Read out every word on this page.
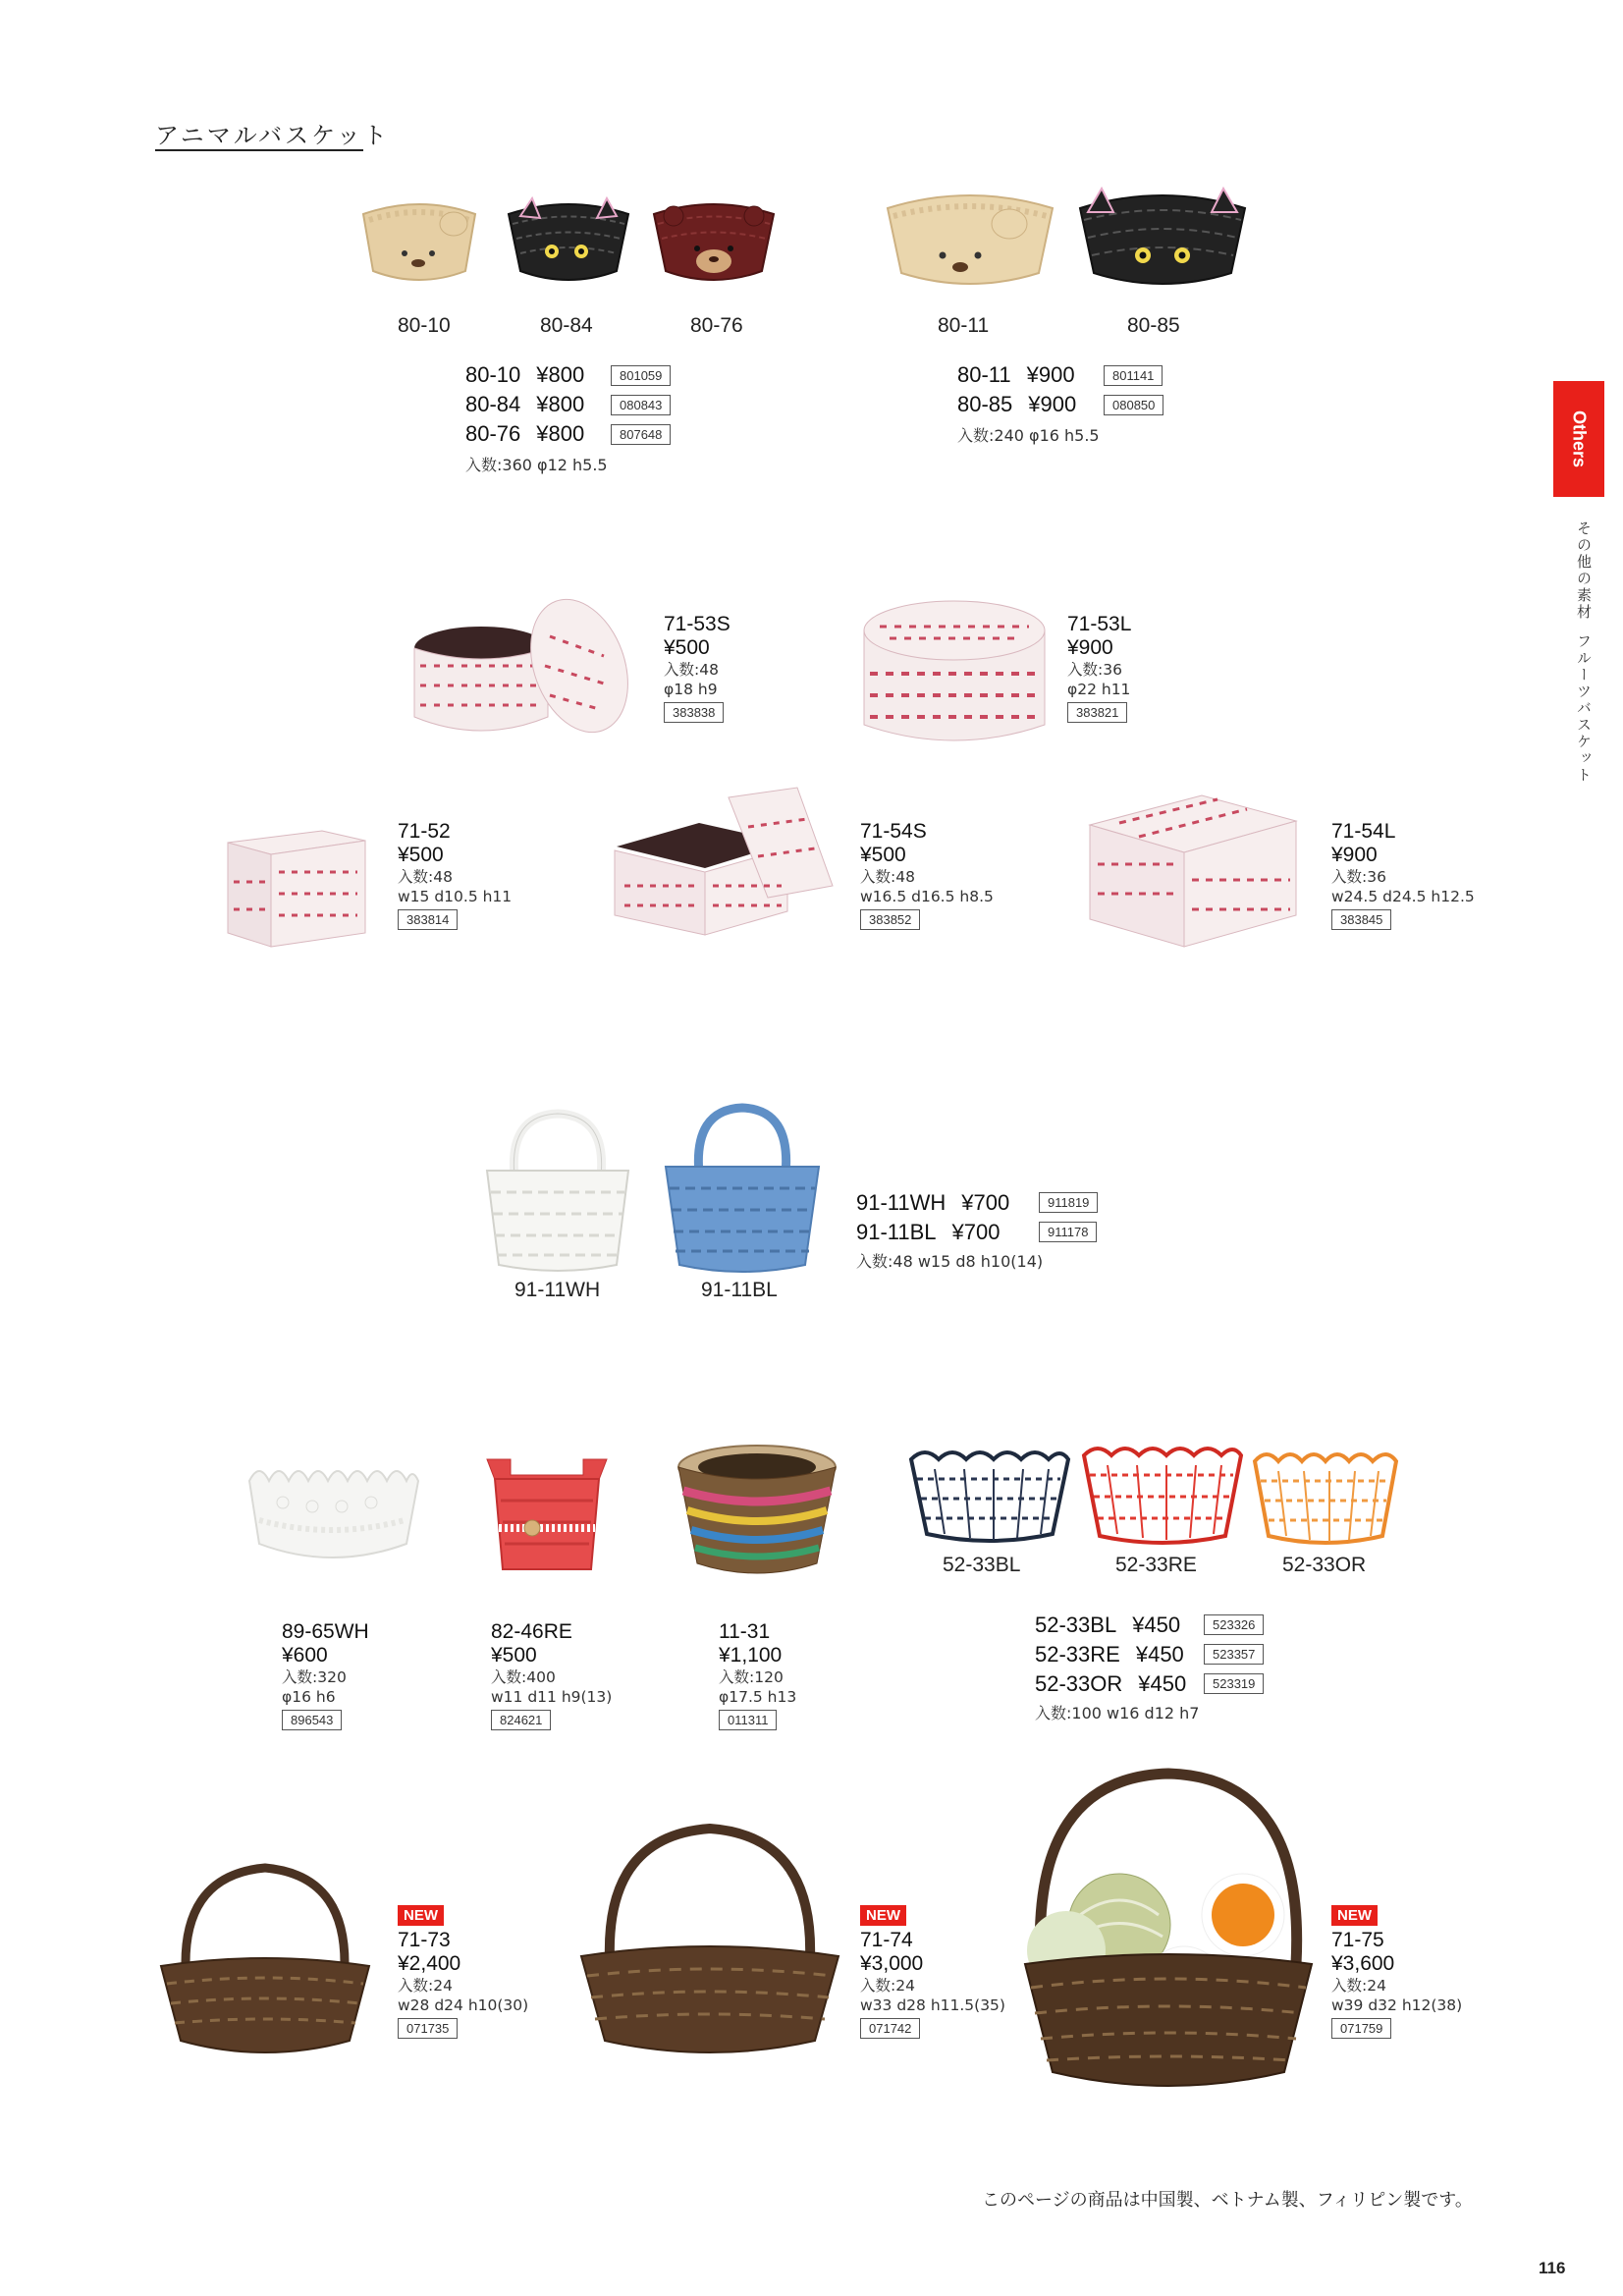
アニマルバスケット
Others
その他の素材
フルーツバスケット
80-10	80-84	80-76	80-11	80-85
80-10 ¥800	801059
80-84 ¥800	080843
80-76 ¥800	807648
入数:360 φ12 h5.5
80-11 ¥900	801141
80-85 ¥900	080850
入数:240 φ16 h5.5
71-53S
¥500
入数:48
φ18 h9
383838
71-53L
¥900
入数:36
φ22 h11
383821
71-52
¥500
入数:48
w15 d10.5 h11
383814
71-54S
¥500
入数:48
w16.5 d16.5 h8.5
383852
71-54L
¥900
入数:36
w24.5 d24.5 h12.5
383845
91-11WH	91-11BL
91-11WH ¥700	911819
91-11BL ¥700	911178
入数:48 w15 d8 h10(14)
89-65WH
¥600
入数:320
φ16 h6
896543
82-46RE
¥500
入数:400
w11 d11 h9(13)
824621
11-31
¥1,100
入数:120
φ17.5 h13
011311
52-33BL	52-33RE	52-33OR
52-33BL ¥450	523326
52-33RE ¥450	523357
52-33OR ¥450	523319
入数:100 w16 d12 h7
NEW
71-73
¥2,400
入数:24
w28 d24 h10(30)
071735
NEW
71-74
¥3,000
入数:24
w33 d28 h11.5(35)
071742
NEW
71-75
¥3,600
入数:24
w39 d32 h12(38)
071759
このページの商品は中国製、ベトナム製、フィリピン製です。
116
